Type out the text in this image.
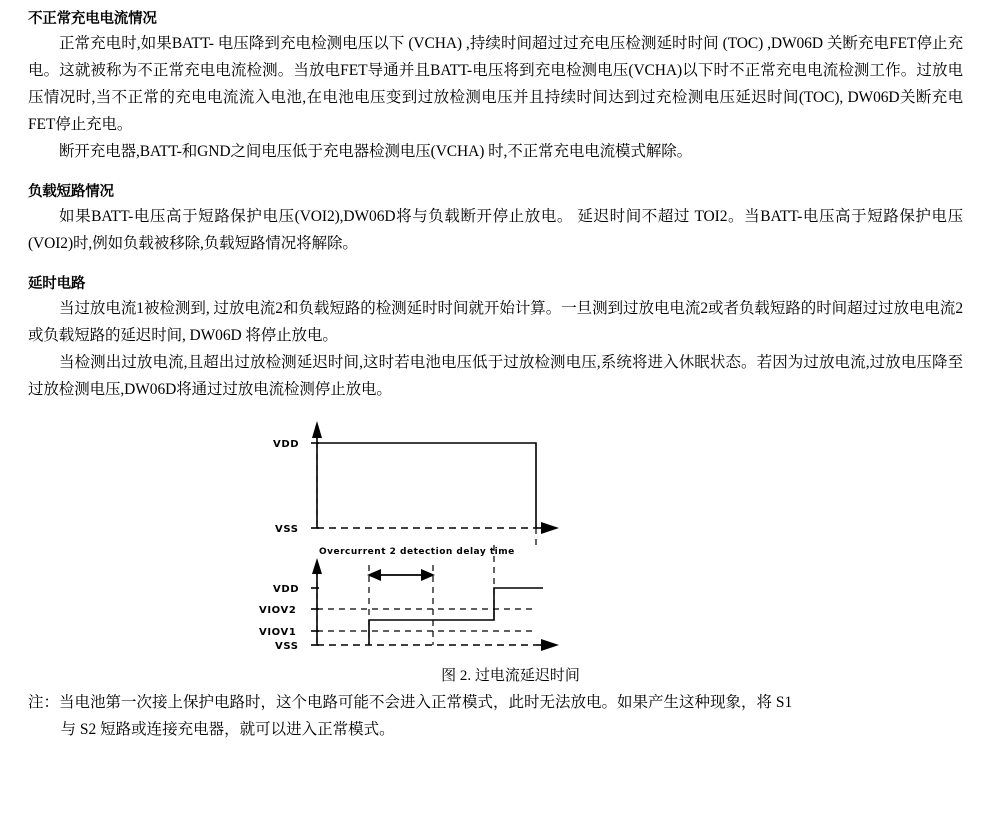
不正常充电电流情况

正常充电时,如果BATT- 电压降到充电检测电压以下 (VCHA) ,持续时间超过过充电压检测延时时间 (TOC) ,DW06D 关断充电FET停止充电。这就被称为不正常充电电流检测。当放电FET导通并且BATT-电压将到充电检测电压(VCHA)以下时不正常充电电流检测工作。过放电压情况时,当不正常的充电电流流入电池,在电池电压变到过放检测电压并且持续时间达到过充检测电压延迟时间(TOC), DW06D关断充电FET停止充电。

断开充电器,BATT-和GND之间电压低于充电器检测电压(VCHA) 时,不正常充电电流模式解除。

负载短路情况

如果BATT-电压高于短路保护电压(VOI2),DW06D将与负载断开停止放电。 延迟时间不超过 TOI2。当BATT-电压高于短路保护电压(VOI2)时,例如负载被移除,负载短路情况将解除。

延时电路

当过放电流1被检测到, 过放电流2和负载短路的检测延时时间就开始计算。一旦测到过放电电流2或者负载短路的时间超过过放电电流2或负载短路的延迟时间, DW06D 将停止放电。

当检测出过放电流,且超出过放检测延迟时间,这时若电池电压低于过放检测电压,系统将进入休眠状态。若因为过放电流,过放电压降至过放检测电压,DW06D将通过过放电流检测停止放电。

VDD
VSS
Overcurrent 2 detection delay time
VDD
VIOV2
VIOV1
VSS
图 2. 过电流延迟时间
注：当电池第一次接上保护电路时，这个电路可能不会进入正常模式，此时无法放电。如果产生这种现象，将 S1
与 S2 短路或连接充电器，就可以进入正常模式。
